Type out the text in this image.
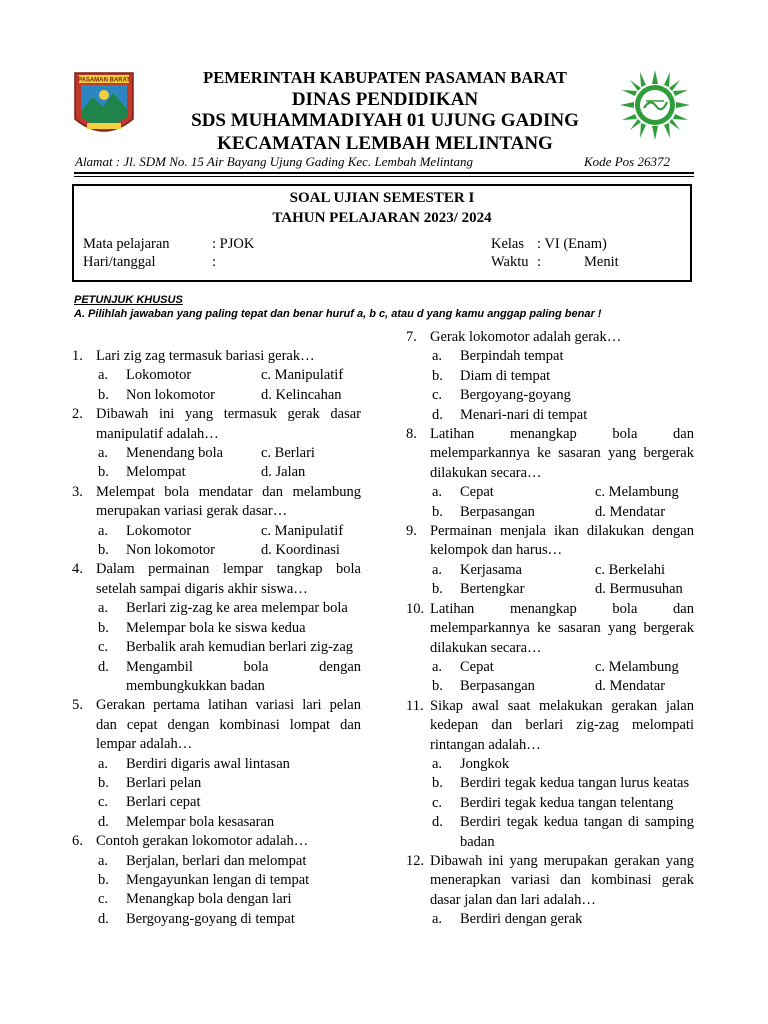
PASAMAN BARAT	PEMERINTAH KABUPATEN PASAMAN BARAT
DINAS PENDIDIKAN
SDS MUHAMMADIYAH 01 UJUNG GADING
KECAMATAN LEMBAH MELINTANG
Alamat : Jl. SDM No. 15 Air Bayang Ujung Gading Kec. Lembah Melintang	Kode Pos 26372
SOAL UJIAN SEMESTER I
TAHUN PELAJARAN 2023/ 2024
Mata pelajaran	: PJOK
Hari/tanggal	:
Kelas : VI (Enam)
Waktu :	Menit
PETUNJUK KHUSUS
A. Pilihlah jawaban yang paling tepat dan benar huruf a, b c, atau d yang kamu anggap paling benar !
1. Lari zig zag termasuk bariasi gerak…
a.	Lokomotor	c. Manipulatif
b.	Non lokomotor	d. Kelincahan
2. Dibawah ini yang termasuk gerak dasar manipulatif adalah…
a.	Menendang bola	c. Berlari
b.	Melompat	d. Jalan
3. Melempat bola mendatar dan melambung merupakan variasi gerak dasar…
a.	Lokomotor	c. Manipulatif
b.	Non lokomotor	d. Koordinasi
4. Dalam permainan lempar tangkap bola setelah sampai digaris akhir siswa…
a.	Berlari zig-zag ke area melempar bola
b.	Melempar bola ke siswa kedua
c.	Berbalik arah kemudian berlari zig-zag
d.	Mengambil bola dengan membungkukkan badan
5. Gerakan pertama latihan variasi lari pelan dan cepat dengan kombinasi lompat dan lempar adalah…
a.	Berdiri digaris awal lintasan
b.	Berlari pelan
c.	Berlari cepat
d.	Melempar bola kesasaran
6. Contoh gerakan lokomotor adalah…
a.	Berjalan, berlari dan melompat
b.	Mengayunkan lengan di tempat
c.	Menangkap bola dengan lari
d.	Bergoyang-goyang di tempat
7. Gerak lokomotor adalah gerak…
a.	Berpindah tempat
b.	Diam di tempat
c.	Bergoyang-goyang
d.	Menari-nari di tempat
8. Latihan menangkap bola dan melemparkannya ke sasaran yang bergerak dilakukan secara…
a.	Cepat	c. Melambung
b.	Berpasangan	d. Mendatar
9. Permainan menjala ikan dilakukan dengan kelompok dan harus…
a.	Kerjasama	c. Berkelahi
b.	Bertengkar	d. Bermusuhan
10. Latihan menangkap bola dan melemparkannya ke sasaran yang bergerak dilakukan secara…
a.	Cepat	c. Melambung
b.	Berpasangan	d. Mendatar
11. Sikap awal saat melakukan gerakan jalan kedepan dan berlari zig-zag melompati rintangan adalah…
a.	Jongkok
b.	Berdiri tegak kedua tangan lurus keatas
c.	Berdiri tegak kedua tangan telentang
d.	Berdiri tegak kedua tangan di samping badan
12. Dibawah ini yang merupakan gerakan yang menerapkan variasi dan kombinasi gerak dasar jalan dan lari adalah…
a.	Berdiri dengan gerak
